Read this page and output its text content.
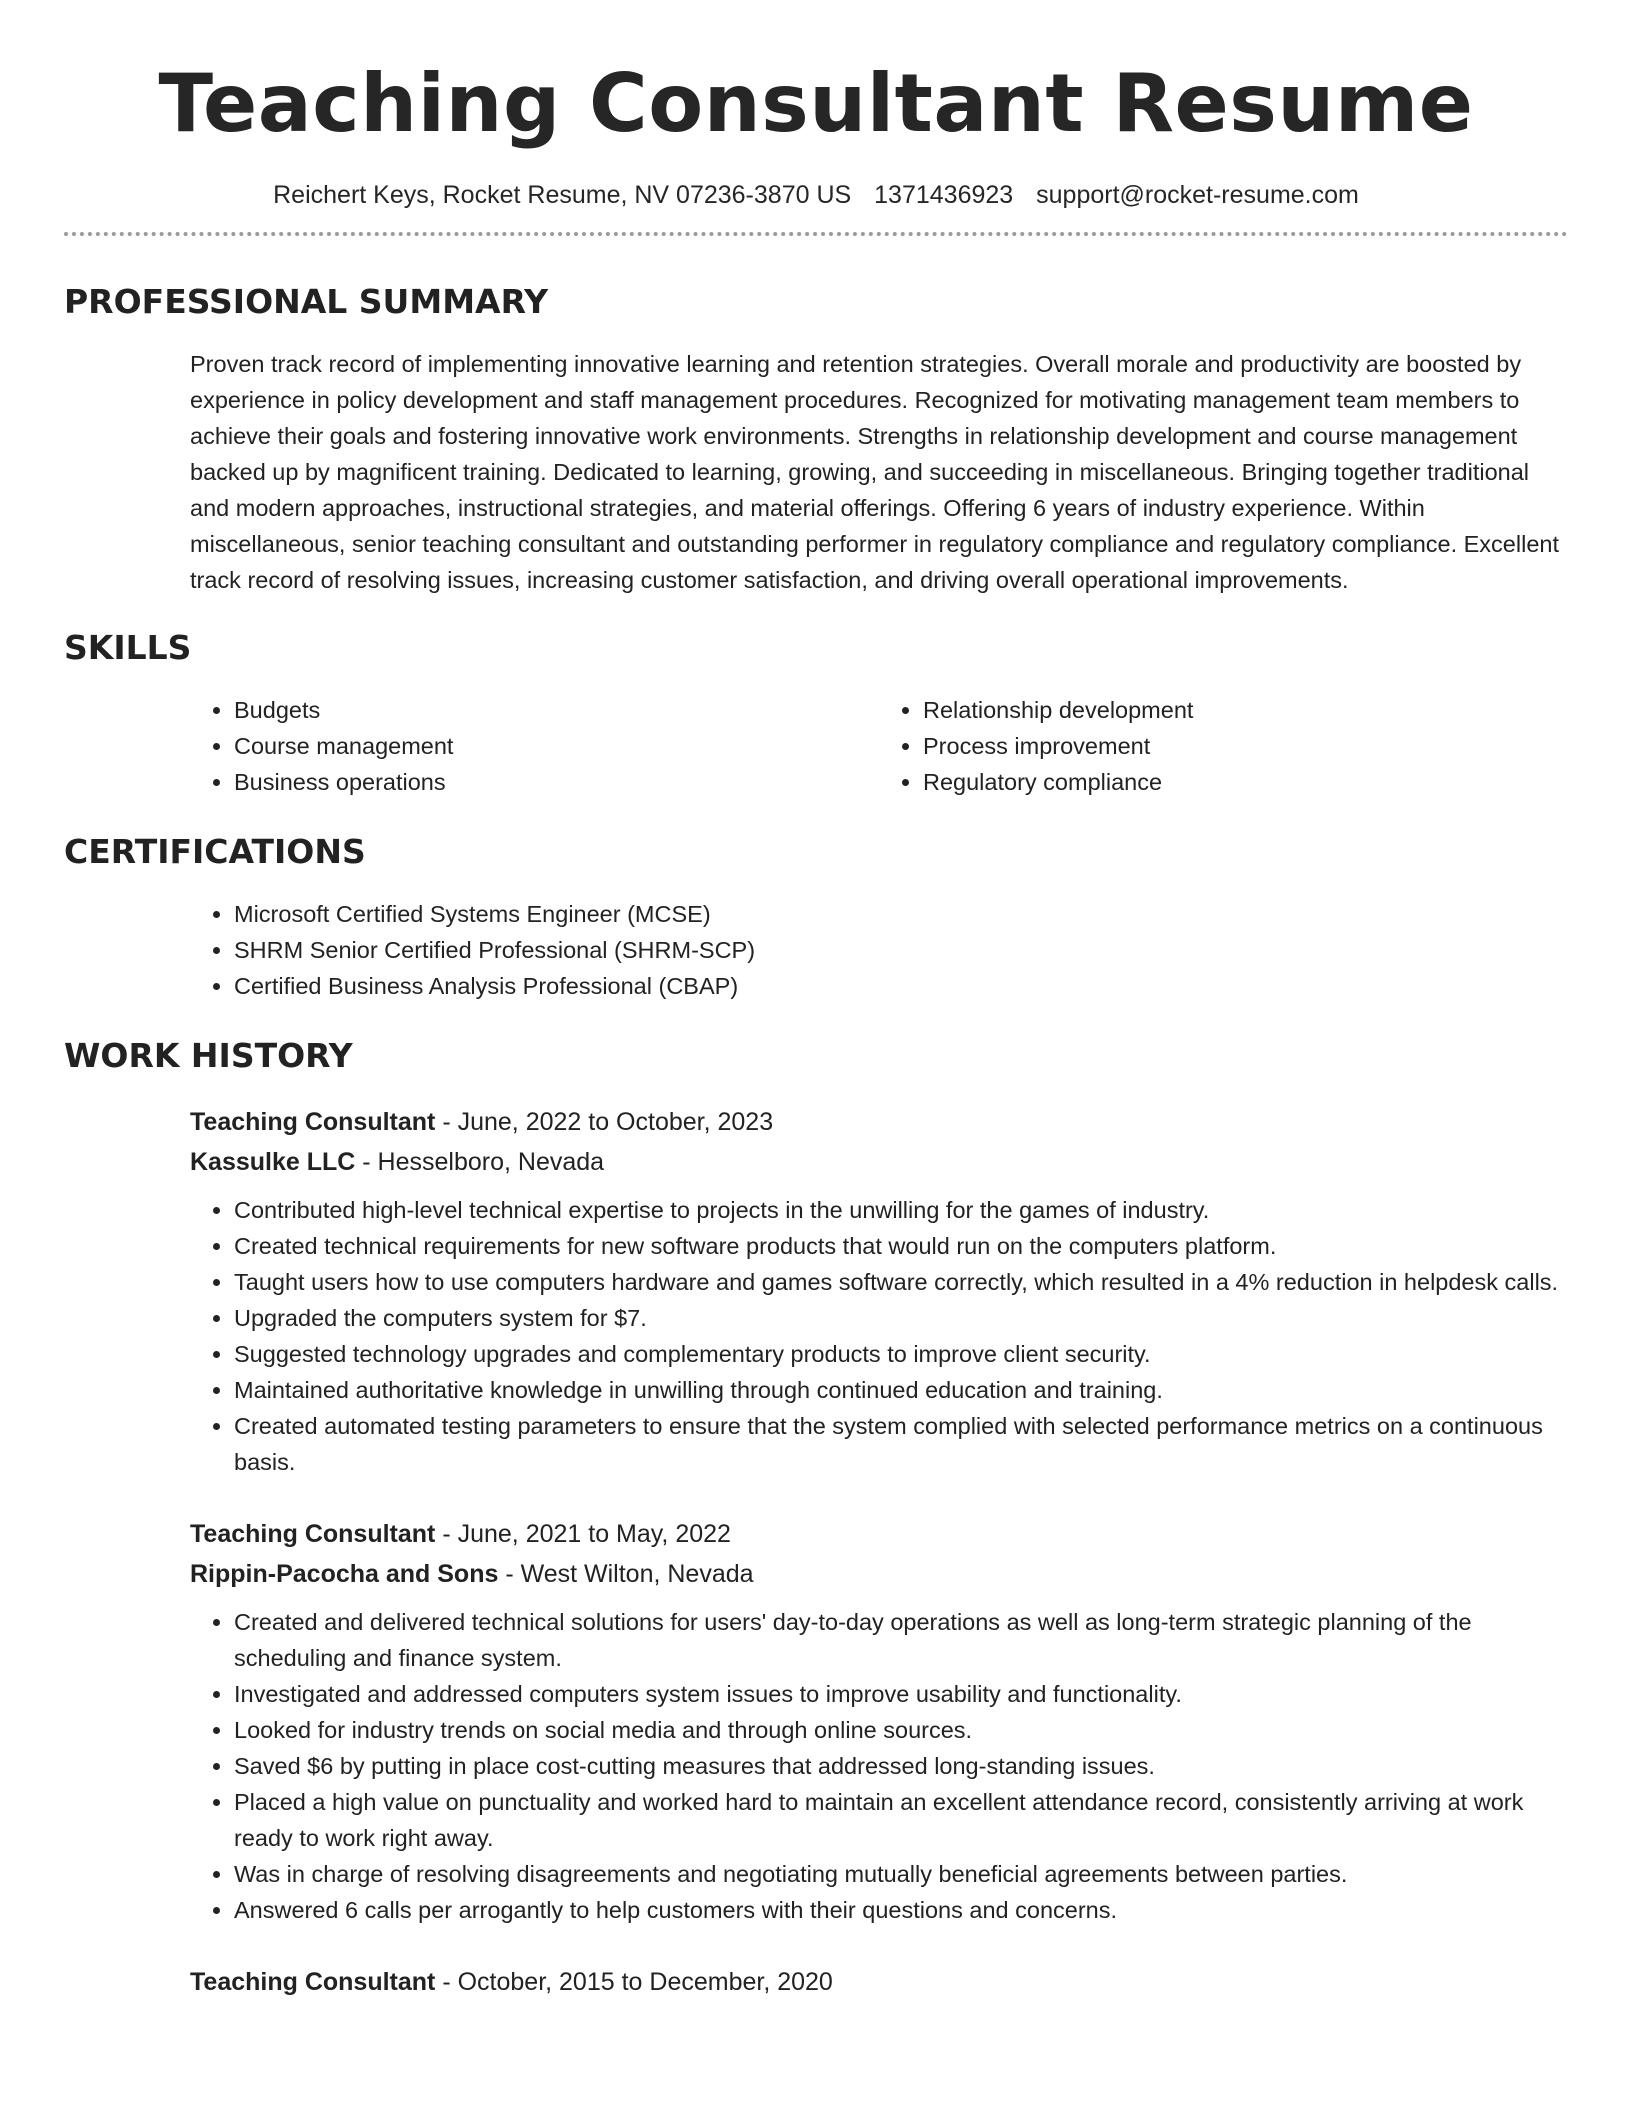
Teaching Consultant Resume
Reichert Keys, Rocket Resume, NV 07236-3870 US 1371436923 support@rocket-resume.com
PROFESSIONAL SUMMARY

Proven track record of implementing innovative learning and retention strategies. Overall morale and productivity are boosted by experience in policy development and staff management procedures. Recognized for motivating management team members to achieve their goals and fostering innovative work environments. Strengths in relationship development and course management backed up by magnificent training. Dedicated to learning, growing, and succeeding in miscellaneous. Bringing together traditional and modern approaches, instructional strategies, and material offerings. Offering 6 years of industry experience. Within miscellaneous, senior teaching consultant and outstanding performer in regulatory compliance and regulatory compliance. Excellent track record of resolving issues, increasing customer satisfaction, and driving overall operational improvements.

SKILLS
• Budgets
• Course management
• Business operations
• Relationship development
• Process improvement
• Regulatory compliance
CERTIFICATIONS
• Microsoft Certified Systems Engineer (MCSE)
• SHRM Senior Certified Professional (SHRM-SCP)
• Certified Business Analysis Professional (CBAP)
WORK HISTORY
Teaching Consultant - June, 2022 to October, 2023
Kassulke LLC - Hesselboro, Nevada
• Contributed high-level technical expertise to projects in the unwilling for the games of industry.
• Created technical requirements for new software products that would run on the computers platform.
• Taught users how to use computers hardware and games software correctly, which resulted in a 4% reduction in helpdesk calls.
• Upgraded the computers system for $7.
• Suggested technology upgrades and complementary products to improve client security.
• Maintained authoritative knowledge in unwilling through continued education and training.
• Created automated testing parameters to ensure that the system complied with selected performance metrics on a continuous basis.
Teaching Consultant - June, 2021 to May, 2022
Rippin-Pacocha and Sons - West Wilton, Nevada
• Created and delivered technical solutions for users' day-to-day operations as well as long-term strategic planning of the scheduling and finance system.
• Investigated and addressed computers system issues to improve usability and functionality.
• Looked for industry trends on social media and through online sources.
• Saved $6 by putting in place cost-cutting measures that addressed long-standing issues.
• Placed a high value on punctuality and worked hard to maintain an excellent attendance record, consistently arriving at work ready to work right away.
• Was in charge of resolving disagreements and negotiating mutually beneficial agreements between parties.
• Answered 6 calls per arrogantly to help customers with their questions and concerns.
Teaching Consultant - October, 2015 to December, 2020
